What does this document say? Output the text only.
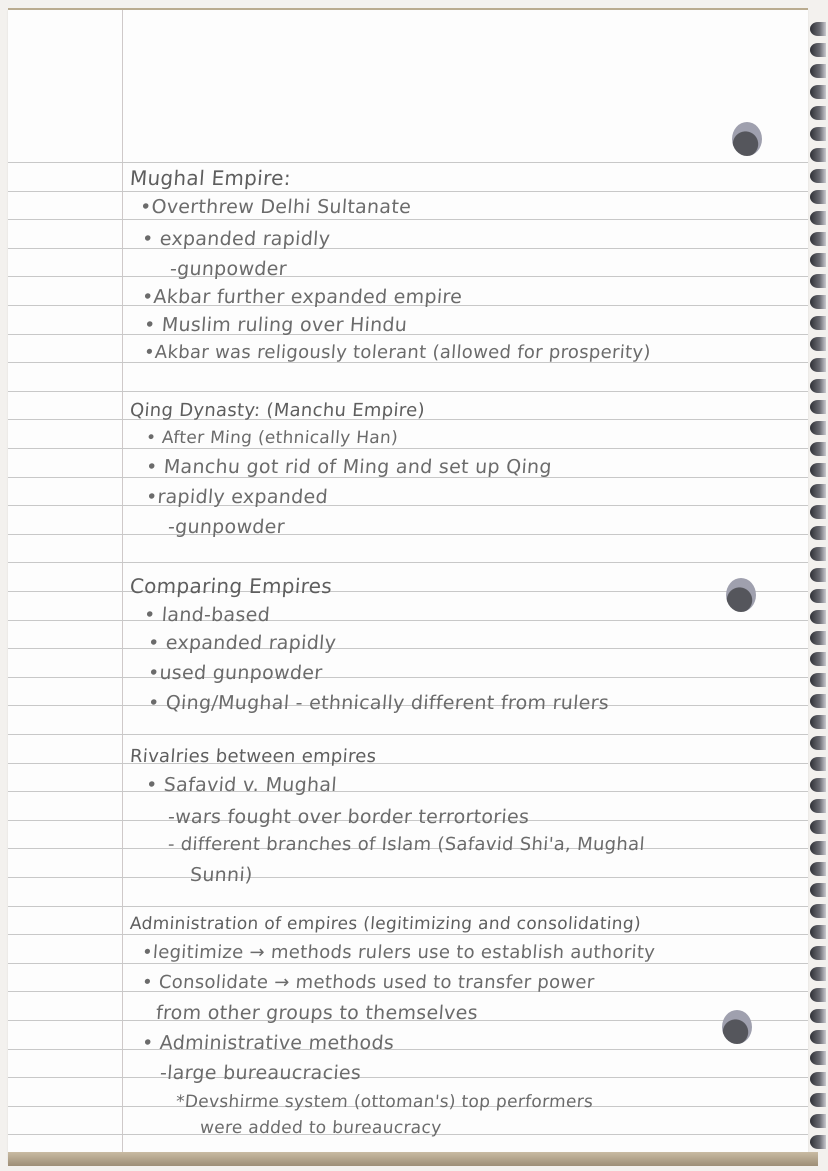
Mughal Empire:
•Overthrew Delhi Sultanate
• expanded rapidly
-gunpowder
•Akbar further expanded empire
• Muslim ruling over Hindu
•Akbar was religously tolerant (allowed for prosperity)
Qing Dynasty: (Manchu Empire)
• After Ming (ethnically Han)
• Manchu got rid of Ming and set up Qing
•rapidly expanded
-gunpowder
Comparing Empires
• land-based
• expanded rapidly
•used gunpowder
• Qing/Mughal - ethnically different from rulers
Rivalries between empires
• Safavid v. Mughal
-wars fought over border terrortories
- different branches of Islam (Safavid Shi'a, Mughal
Sunni)
Administration of empires (legitimizing and consolidating)
•legitimize → methods rulers use to establish authority
• Consolidate → methods used to transfer power
from other groups to themselves
• Administrative methods
-large bureaucracies
*Devshirme system (ottoman's) top performers
were added to bureaucracy
